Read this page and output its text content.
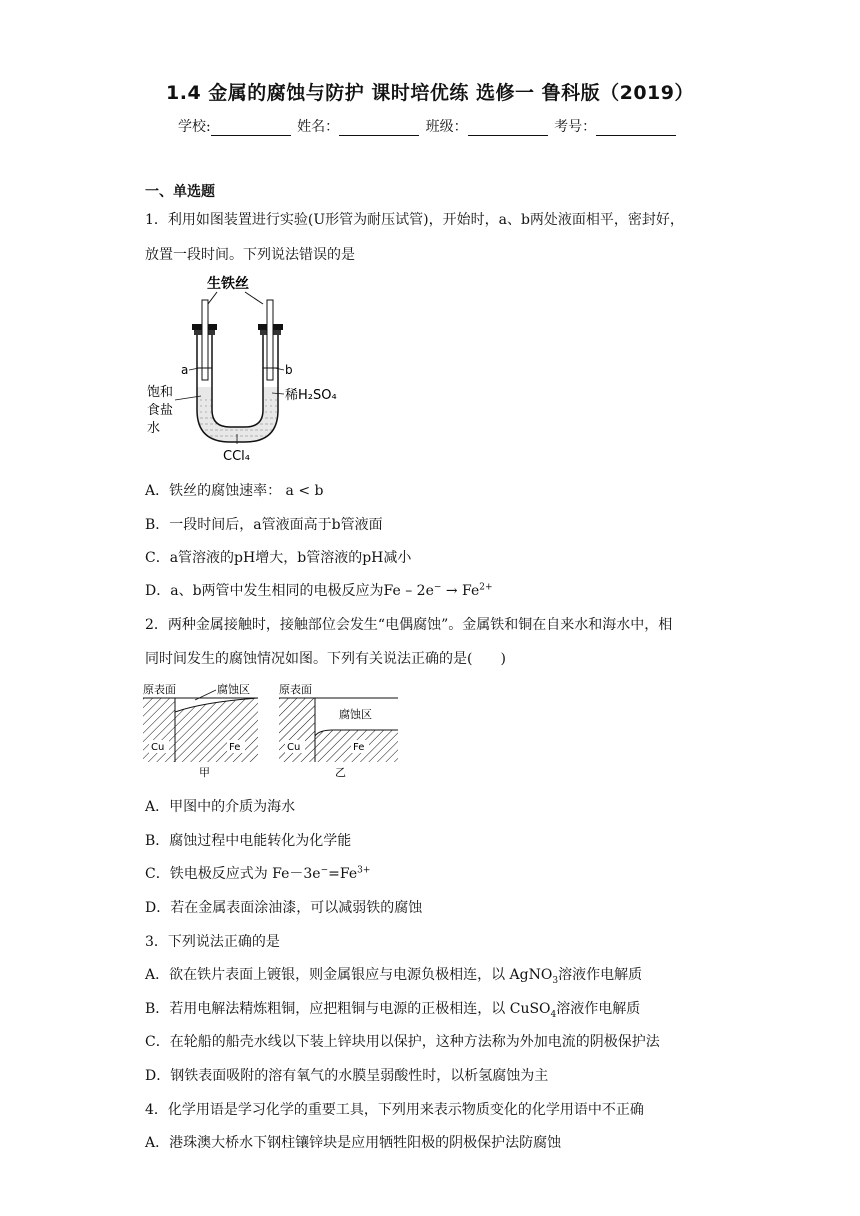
1.4 金属的腐蚀与防护 课时培优练 选修一 鲁科版（2019）
学校:	姓名：	班级：	考号：
一、单选题
1．利用如图装置进行实验(U形管为耐压试管)，开始时，a、b两处液面相平，密封好，
放置一段时间。下列说法错误的是
生铁丝
a	b
饱和
食盐
水
稀H₂SO₄
CCl₄
A．铁丝的腐蚀速率： a < b
B．一段时间后，a管液面高于b管液面
C．a管溶液的pH增大，b管溶液的pH减小
D．a、b两管中发生相同的电极反应为$Fe - 2e^- \to Fe^{2+}$
2．两种金属接触时，接触部位会发生“电偶腐蚀”。金属铁和铜在自来水和海水中，相
同时间发生的腐蚀情况如图。下列有关说法正确的是(　　)
原表面	腐蚀区
Cu	Fe
甲
原表面
腐蚀区
Cu	Fe
乙
A．甲图中的介质为海水
B．腐蚀过程中电能转化为化学能
C．铁电极反应式为 $Fe-3e^-=Fe^{3+}$
D．若在金属表面涂油漆，可以减弱铁的腐蚀
3．下列说法正确的是
A．欲在铁片表面上镀银，则金属银应与电源负极相连，以 AgNO$_3$溶液作电解质
B．若用电解法精炼粗铜，应把粗铜与电源的正极相连，以 CuSO$_4$溶液作电解质
C．在轮船的船壳水线以下装上锌块用以保护，这种方法称为外加电流的阴极保护法
D．钢铁表面吸附的溶有氧气的水膜呈弱酸性时，以析氢腐蚀为主
4．化学用语是学习化学的重要工具，下列用来表示物质变化的化学用语中不正确
A．港珠澳大桥水下钢柱镶锌块是应用牺牲阳极的阴极保护法防腐蚀
